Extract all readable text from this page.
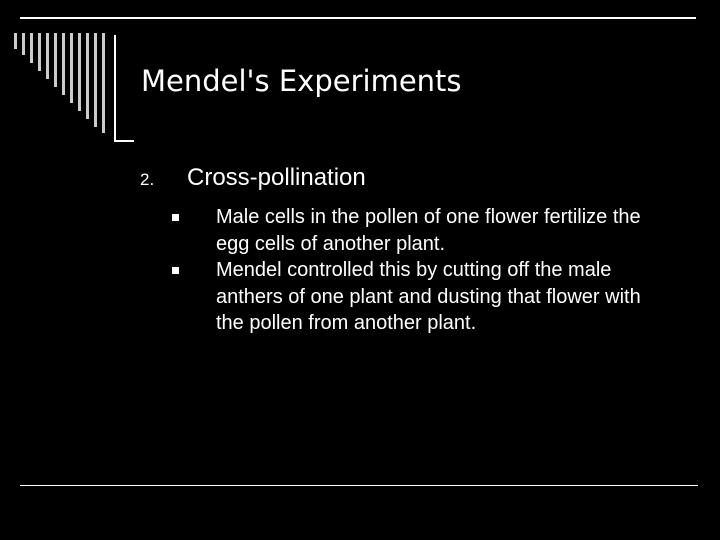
Mendel's Experiments
2. Cross-pollination
Male cells in the pollen of one flower fertilize the egg cells of another plant.
Mendel controlled this by cutting off the male anthers of one plant and dusting that flower with the pollen from another plant.
